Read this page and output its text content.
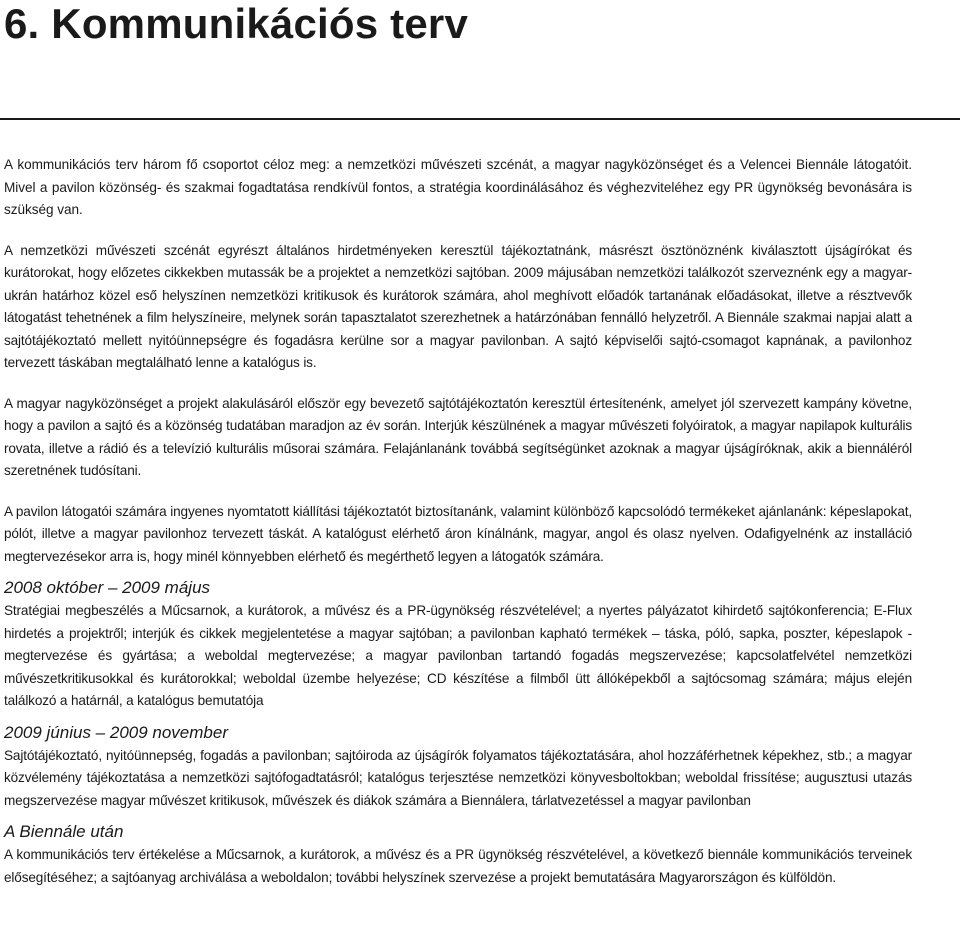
6. Kommunikációs terv

A kommunikációs terv három fő csoportot céloz meg: a nemzetközi művészeti szcénát, a magyar nagyközönséget és a Velencei Biennále látogatóit. Mivel a pavilon közönség- és szakmai fogadtatása rendkívül fontos, a stratégia koordinálásához és véghezviteléhez egy PR ügynökség bevonására is szükség van.

A nemzetközi művészeti szcénát egyrészt általános hirdetményeken keresztül tájékoztatnánk, másrészt ösztönöznénk kiválasztott újságírókat és kurátorokat, hogy előzetes cikkekben mutassák be a projektet a nemzetközi sajtóban. 2009 májusában nemzetközi találkozót szerveznénk egy a magyar-ukrán határhoz közel eső helyszínen nemzetközi kritikusok és kurátorok számára, ahol meghívott előadók tartanának előadásokat, illetve a résztvevők látogatást tehetnének a film helyszíneire, melynek során tapasztalatot szerezhetnek a határzónában fennálló helyzetről. A Biennále szakmai napjai alatt a sajtótájékoztató mellett nyitóünnepségre és fogadásra kerülne sor a magyar pavilonban. A sajtó képviselői sajtó-csomagot kapnának, a pavilonhoz tervezett táskában megtalálható lenne a katalógus is.

A magyar nagyközönséget a projekt alakulásáról először egy bevezető sajtótájékoztatón keresztül értesítenénk, amelyet jól szervezett kampány követne, hogy a pavilon a sajtó és a közönség tudatában maradjon az év során. Interjúk készülnének a magyar művészeti folyóiratok, a magyar napilapok kulturális rovata, illetve a rádió és a televízió kulturális műsorai számára. Felajánlanánk továbbá segítségünket azoknak a magyar újságíróknak, akik a biennáléról szeretnének tudósítani.

A pavilon látogatói számára ingyenes nyomtatott kiállítási tájékoztatót biztosítanánk, valamint különböző kapcsolódó termékeket ajánlanánk: képeslapokat, pólót, illetve a magyar pavilonhoz tervezett táskát. A katalógust elérhető áron kínálnánk, magyar, angol és olasz nyelven. Odafigyelnénk az installáció megtervezésekor arra is, hogy minél könnyebben elérhető és megérthető legyen a látogatók számára.

2008 október – 2009 május

Stratégiai megbeszélés a Műcsarnok, a kurátorok, a művész és a PR-ügynökség részvételével; a nyertes pályázatot kihirdető sajtókonferencia; E-Flux hirdetés a projektről; interjúk és cikkek megjelentetése a magyar sajtóban; a pavilonban kapható termékek – táska, póló, sapka, poszter, képeslapok - megtervezése és gyártása; a weboldal megtervezése; a magyar pavilonban tartandó fogadás megszervezése; kapcsolatfelvétel nemzetközi művészetkritikusokkal és kurátorokkal; weboldal üzembe helyezése; CD készítése a filmből ütt állóképekből a sajtócsomag számára; május elején találkozó a határnál, a katalógus bemutatója

2009 június – 2009 november

Sajtótájékoztató, nyitóünnepség, fogadás a pavilonban; sajtóiroda az újságírók folyamatos tájékoztatására, ahol hozzáférhetnek képekhez, stb.; a magyar közvélemény tájékoztatása a nemzetközi sajtófogadtatásról; katalógus terjesztése nemzetközi könyvesboltokban; weboldal frissítése; augusztusi utazás megszervezése magyar művészet kritikusok, művészek és diákok számára a Biennálera, tárlatvezetéssel a magyar pavilonban

A Biennále után

A kommunikációs terv értékelése a Műcsarnok, a kurátorok, a művész és a PR ügynökség részvételével, a következő biennále kommunikációs terveinek elősegítéséhez; a sajtóanyag archiválása a weboldalon; további helyszínek szervezése a projekt bemutatására Magyarországon és külföldön.
